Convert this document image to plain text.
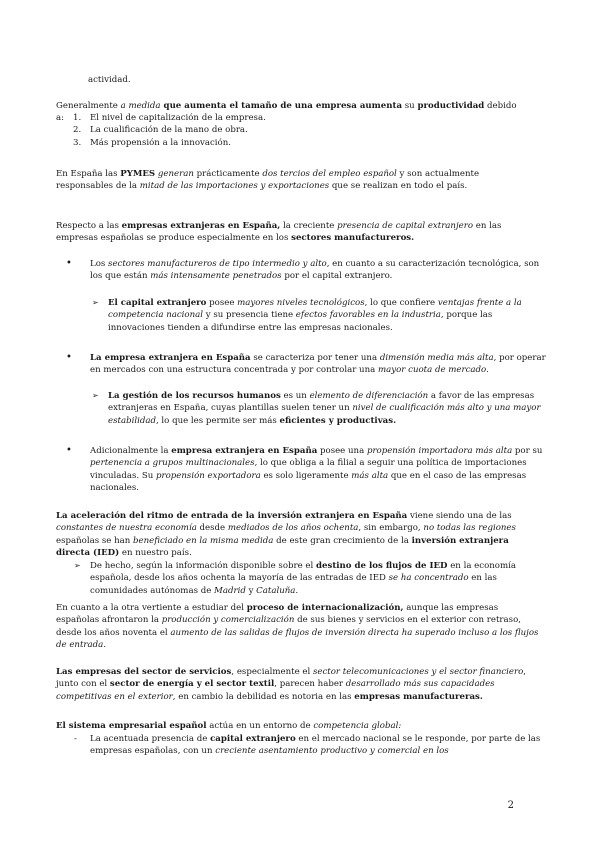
actividad.
Generalmente a medida que aumenta el tamaño de una empresa aumenta su productividad debido a:	1. El nivel de capitalización de la empresa.
2. La cualificación de la mano de obra.
3. Más propensión a la innovación.
En España las PYMES generan prácticamente dos tercios del empleo español y son actualmente responsables de la mitad de las importaciones y exportaciones que se realizan en todo el país.
Respecto a las empresas extranjeras en España, la creciente presencia de capital extranjero en las empresas españolas se produce especialmente en los sectores manufactureros.
• Los sectores manufactureros de tipo intermedio y alto, en cuanto a su caracterización tecnológica, son los que están más intensamente penetrados por el capital extranjero.
➢ El capital extranjero posee mayores niveles tecnológicos, lo que confiere ventajas frente a la competencia nacional y su presencia tiene efectos favorables en la industria, porque las innovaciones tienden a difundirse entre las empresas nacionales.
• La empresa extranjera en España se caracteriza por tener una dimensión media más alta, por operar en mercados con una estructura concentrada y por controlar una mayor cuota de mercado.
➢ La gestión de los recursos humanos es un elemento de diferenciación a favor de las empresas extranjeras en España, cuyas plantillas suelen tener un nivel de cualificación más alto y una mayor estabilidad, lo que les permite ser más eficientes y productivas.
• Adicionalmente la empresa extranjera en España posee una propensión importadora más alta por su pertenencia a grupos multinacionales, lo que obliga a la filial a seguir una política de importaciones vinculadas. Su propensión exportadora es solo ligeramente más alta que en el caso de las empresas nacionales.
La aceleración del ritmo de entrada de la inversión extranjera en España viene siendo una de las constantes de nuestra economía desde mediados de los años ochenta, sin embargo, no todas las regiones españolas se han beneficiado en la misma medida de este gran crecimiento de la inversión extranjera directa (IED) en nuestro país.
➢ De hecho, según la información disponible sobre el destino de los flujos de IED en la economía española, desde los años ochenta la mayoría de las entradas de IED se ha concentrado en las comunidades autónomas de Madrid y Cataluña.
En cuanto a la otra vertiente a estudiar del proceso de internacionalización, aunque las empresas españolas afrontaron la producción y comercialización de sus bienes y servicios en el exterior con retraso, desde los años noventa el aumento de las salidas de flujos de inversión directa ha superado incluso a los flujos de entrada.
Las empresas del sector de servicios, especialmente el sector telecomunicaciones y el sector financiero, junto con el sector de energía y el sector textil, parecen haber desarrollado más sus capacidades competitivas en el exterior, en cambio la debilidad es notoria en las empresas manufactureras.
El sistema empresarial español actúa en un entorno de competencia global:
- La acentuada presencia de capital extranjero en el mercado nacional se le responde, por parte de las empresas españolas, con un creciente asentamiento productivo y comercial en los
2
